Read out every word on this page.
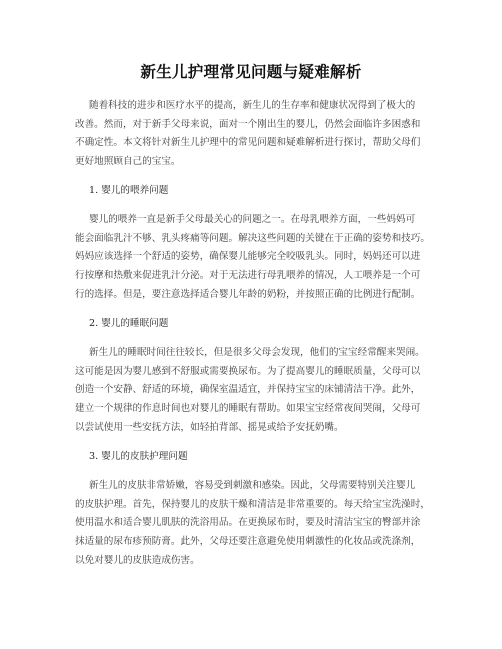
新生儿护理常见问题与疑难解析
随着科技的进步和医疗水平的提高，新生儿的生存率和健康状况得到了极大的
改善。然而，对于新手父母来说，面对一个刚出生的婴儿，仍然会面临许多困惑和
不确定性。本文将针对新生儿护理中的常见问题和疑难解析进行探讨，帮助父母们
更好地照顾自己的宝宝。
1. 婴儿的喂养问题
婴儿的喂养一直是新手父母最关心的问题之一。在母乳喂养方面，一些妈妈可
能会面临乳汁不够、乳头疼痛等问题。解决这些问题的关键在于正确的姿势和技巧。
妈妈应该选择一个舒适的姿势，确保婴儿能够完全咬吸乳头。同时，妈妈还可以进
行按摩和热敷来促进乳汁分泌。对于无法进行母乳喂养的情况，人工喂养是一个可
行的选择。但是，要注意选择适合婴儿年龄的奶粉，并按照正确的比例进行配制。
2. 婴儿的睡眠问题
新生儿的睡眠时间往往较长，但是很多父母会发现，他们的宝宝经常醒来哭闹。
这可能是因为婴儿感到不舒服或需要换尿布。为了提高婴儿的睡眠质量，父母可以
创造一个安静、舒适的环境，确保室温适宜，并保持宝宝的床铺清洁干净。此外，
建立一个规律的作息时间也对婴儿的睡眠有帮助。如果宝宝经常夜间哭闹，父母可
以尝试使用一些安抚方法，如轻拍背部、摇晃或给予安抚奶嘴。
3. 婴儿的皮肤护理问题
新生儿的皮肤非常娇嫩，容易受到刺激和感染。因此，父母需要特别关注婴儿
的皮肤护理。首先，保持婴儿的皮肤干燥和清洁是非常重要的。每天给宝宝洗澡时，
使用温水和适合婴儿肌肤的洗浴用品。在更换尿布时，要及时清洁宝宝的臀部并涂
抹适量的尿布疹预防膏。此外，父母还要注意避免使用刺激性的化妆品或洗涤剂，
以免对婴儿的皮肤造成伤害。
